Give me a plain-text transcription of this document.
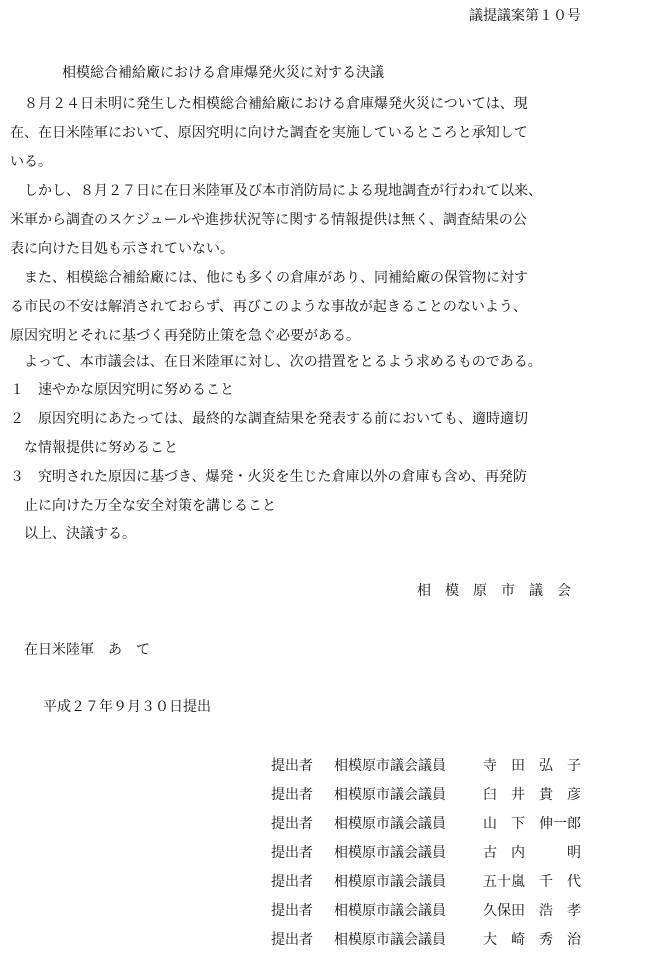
議提議案第１０号
相模総合補給廠における倉庫爆発火災に対する決議
８月２４日未明に発生した相模総合補給廠における倉庫爆発火災については、現
在、在日米陸軍において、原因究明に向けた調査を実施しているところと承知して
いる。
しかし、８月２７日に在日米陸軍及び本市消防局による現地調査が行われて以来、
米軍から調査のスケジュールや進捗状況等に関する情報提供は無く、調査結果の公
表に向けた目処も示されていない。
また、相模総合補給廠には、他にも多くの倉庫があり、同補給廠の保管物に対す
る市民の不安は解消されておらず、再びこのような事故が起きることのないよう、
原因究明とそれに基づく再発防止策を急ぐ必要がある。
よって、本市議会は、在日米陸軍に対し、次の措置をとるよう求めるものである。
１　速やかな原因究明に努めること
２　原因究明にあたっては、最終的な調査結果を発表する前においても、適時適切
な情報提供に努めること
３　究明された原因に基づき、爆発・火災を生じた倉庫以外の倉庫も含め、再発防
止に向けた万全な安全対策を講じること
以上、決議する。
相模原市議会
在日米陸軍　あ　て
平成２７年９月３０日提出
提出者 相模原市議会議員	寺　田　弘　子
提出者 相模原市議会議員	臼　井　貴　彦
提出者 相模原市議会議員	山　下　伸一郎
提出者 相模原市議会議員	古　内　　　明
提出者 相模原市議会議員	五十嵐　千　代
提出者 相模原市議会議員	久保田　浩　孝
提出者 相模原市議会議員	大　崎　秀　治
